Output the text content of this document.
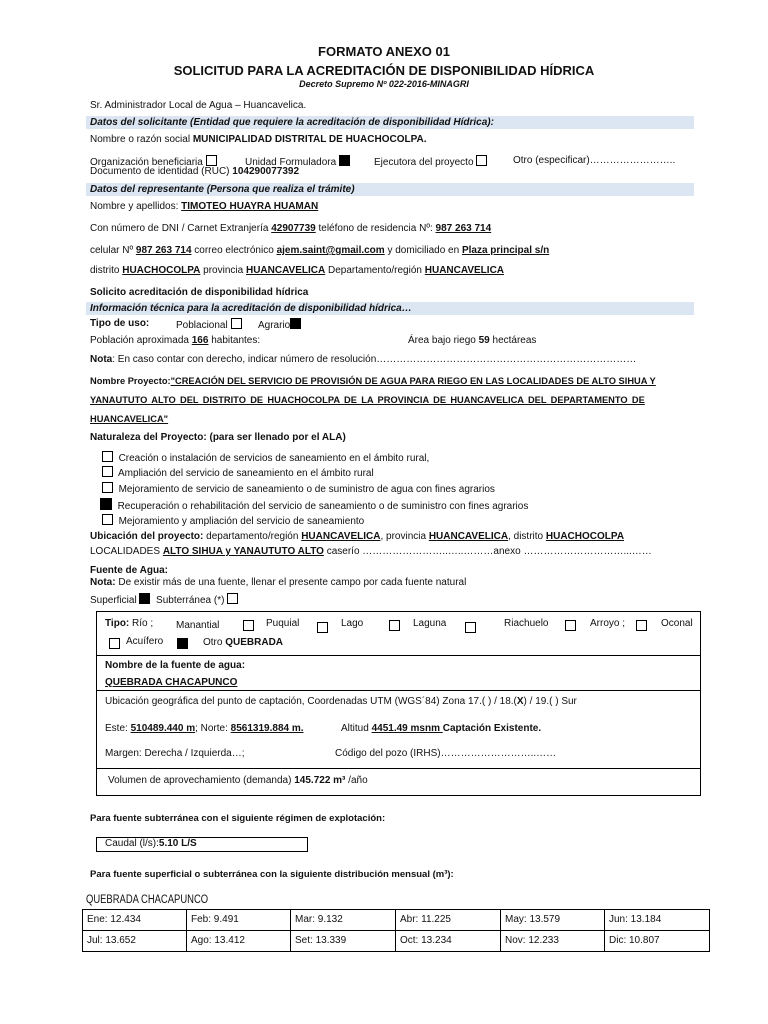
FORMATO ANEXO 01
SOLICITUD PARA LA ACREDITACIÓN DE DISPONIBILIDAD HÍDRICA
Decreto Supremo Nº 022-2016-MINAGRI
Sr. Administrador Local de Agua – Huancavelica.
Datos del solicitante (Entidad que requiere la acreditación de disponibilidad Hídrica):
Nombre o razón social MUNICIPALIDAD DISTRITAL DE HUACHOCOLPA.
Organización beneficiaria	Unidad Formuladora	Ejecutora del proyecto	Otro (especificar)……………………..
Documento de identidad (RUC) 104290077392
Datos del representante (Persona que realiza el trámite)
Nombre y apellidos: TIMOTEO HUAYRA HUAMAN
Con número de DNI / Carnet Extranjería 42907739 teléfono de residencia Nº: 987 263 714
celular Nº 987 263 714 correo electrónico ajem.saint@gmail.com y domiciliado en Plaza principal s/n
distrito HUACHOCOLPA provincia HUANCAVELICA Departamento/región HUANCAVELICA
Solicito acreditación de disponibilidad hídrica
Información técnica para la acreditación de disponibilidad hídrica…
Tipo de uso:	Poblacional	Agrario
Población aproximada 166 habitantes:	Área bajo riego 59 hectáreas
Nota: En caso contar con derecho, indicar número de resolución……………………………………………………………………
Nombre Proyecto:"CREACIÓN DEL SERVICIO DE PROVISIÓN DE AGUA PARA RIEGO EN LAS LOCALIDADES DE ALTO SIHUA Y
YANAUTUTO ALTO DEL DISTRITO DE HUACHOCOLPA DE LA PROVINCIA DE HUANCAVELICA DEL DEPARTAMENTO DE
HUANCAVELICA"
Naturaleza del Proyecto: (para ser llenado por el ALA)
Creación o instalación de servicios de saneamiento en el ámbito rural,
Ampliación del servicio de saneamiento en el ámbito rural
Mejoramiento de servicio de saneamiento o de suministro de agua con fines agrarios
Recuperación o rehabilitación del servicio de saneamiento o de suministro con fines agrarios
Mejoramiento y ampliación del servicio de saneamiento
Ubicación del proyecto: departamento/región HUANCAVELICA, provincia HUANCAVELICA, distrito HUACHOCOLPA
LOCALIDADES ALTO SIHUA y YANAUTUTO ALTO caserío ……………………..…..………anexo …………………………...……
Fuente de Agua:
Nota: De existir más de una fuente, llenar el presente campo por cada fuente natural
Superficial Subterránea (*)
Tipo: Río ; Manantial	Puquial	Lago	Laguna	Riachuelo	Arroyo ;	Oconal
Acuífero	Otro QUEBRADA
Nombre de la fuente de agua:
QUEBRADA CHACAPUNCO
Ubicación geográfica del punto de captación, Coordenadas UTM (WGS´84) Zona 17.( ) / 18.(X) / 19.( ) Sur
Este: 510489.440 m; Norte: 8561319.884 m.	Altitud 4451.49 msnm Captación Existente.
Margen: Derecha / Izquierda…;	Código del pozo (IRHS)………………………..……
Volumen de aprovechamiento (demanda) 145.722 m³ /año
Para fuente subterránea con el siguiente régimen de explotación:
Caudal (l/s):5.10 L/S
Para fuente superficial o subterránea con la siguiente distribución mensual (m³):
QUEBRADA CHACAPUNCO
Ene: 12.434	Feb: 9.491	Mar: 9.132	Abr: 11.225	May: 13.579	Jun: 13.184
Jul: 13.652	Ago: 13.412	Set: 13.339	Oct: 13.234	Nov: 12.233	Dic: 10.807
